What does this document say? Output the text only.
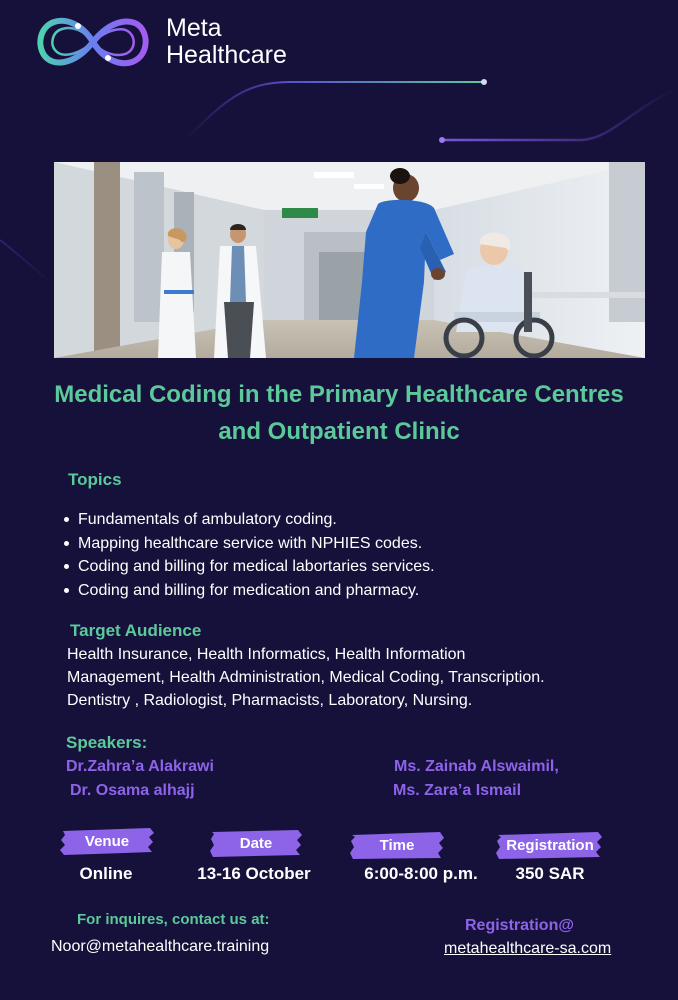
Meta
Healthcare
Medical Coding in the Primary Healthcare Centres and Outpatient Clinic
Topics
Fundamentals of ambulatory coding.
Mapping healthcare service with NPHIES codes.
Coding and billing for medical labortaries services.
Coding and billing for medication and pharmacy.
Target Audience
Health Insurance, Health Informatics, Health Information
Management, Health Administration, Medical Coding, Transcription.
Dentistry , Radiologist, Pharmacists, Laboratory, Nursing.
Speakers:
Dr.Zahra’a Alakrawi
Dr. Osama alhajj
Ms. Zainab Alswaimil,
Ms. Zara’a Ismail
Venue
Online
Date
13-16 October
Time
6:00-8:00 p.m.
Registration
350 SAR
For inquires, contact us at:
Noor@metahealthcare.training
Registration@
metahealthcare-sa.com
